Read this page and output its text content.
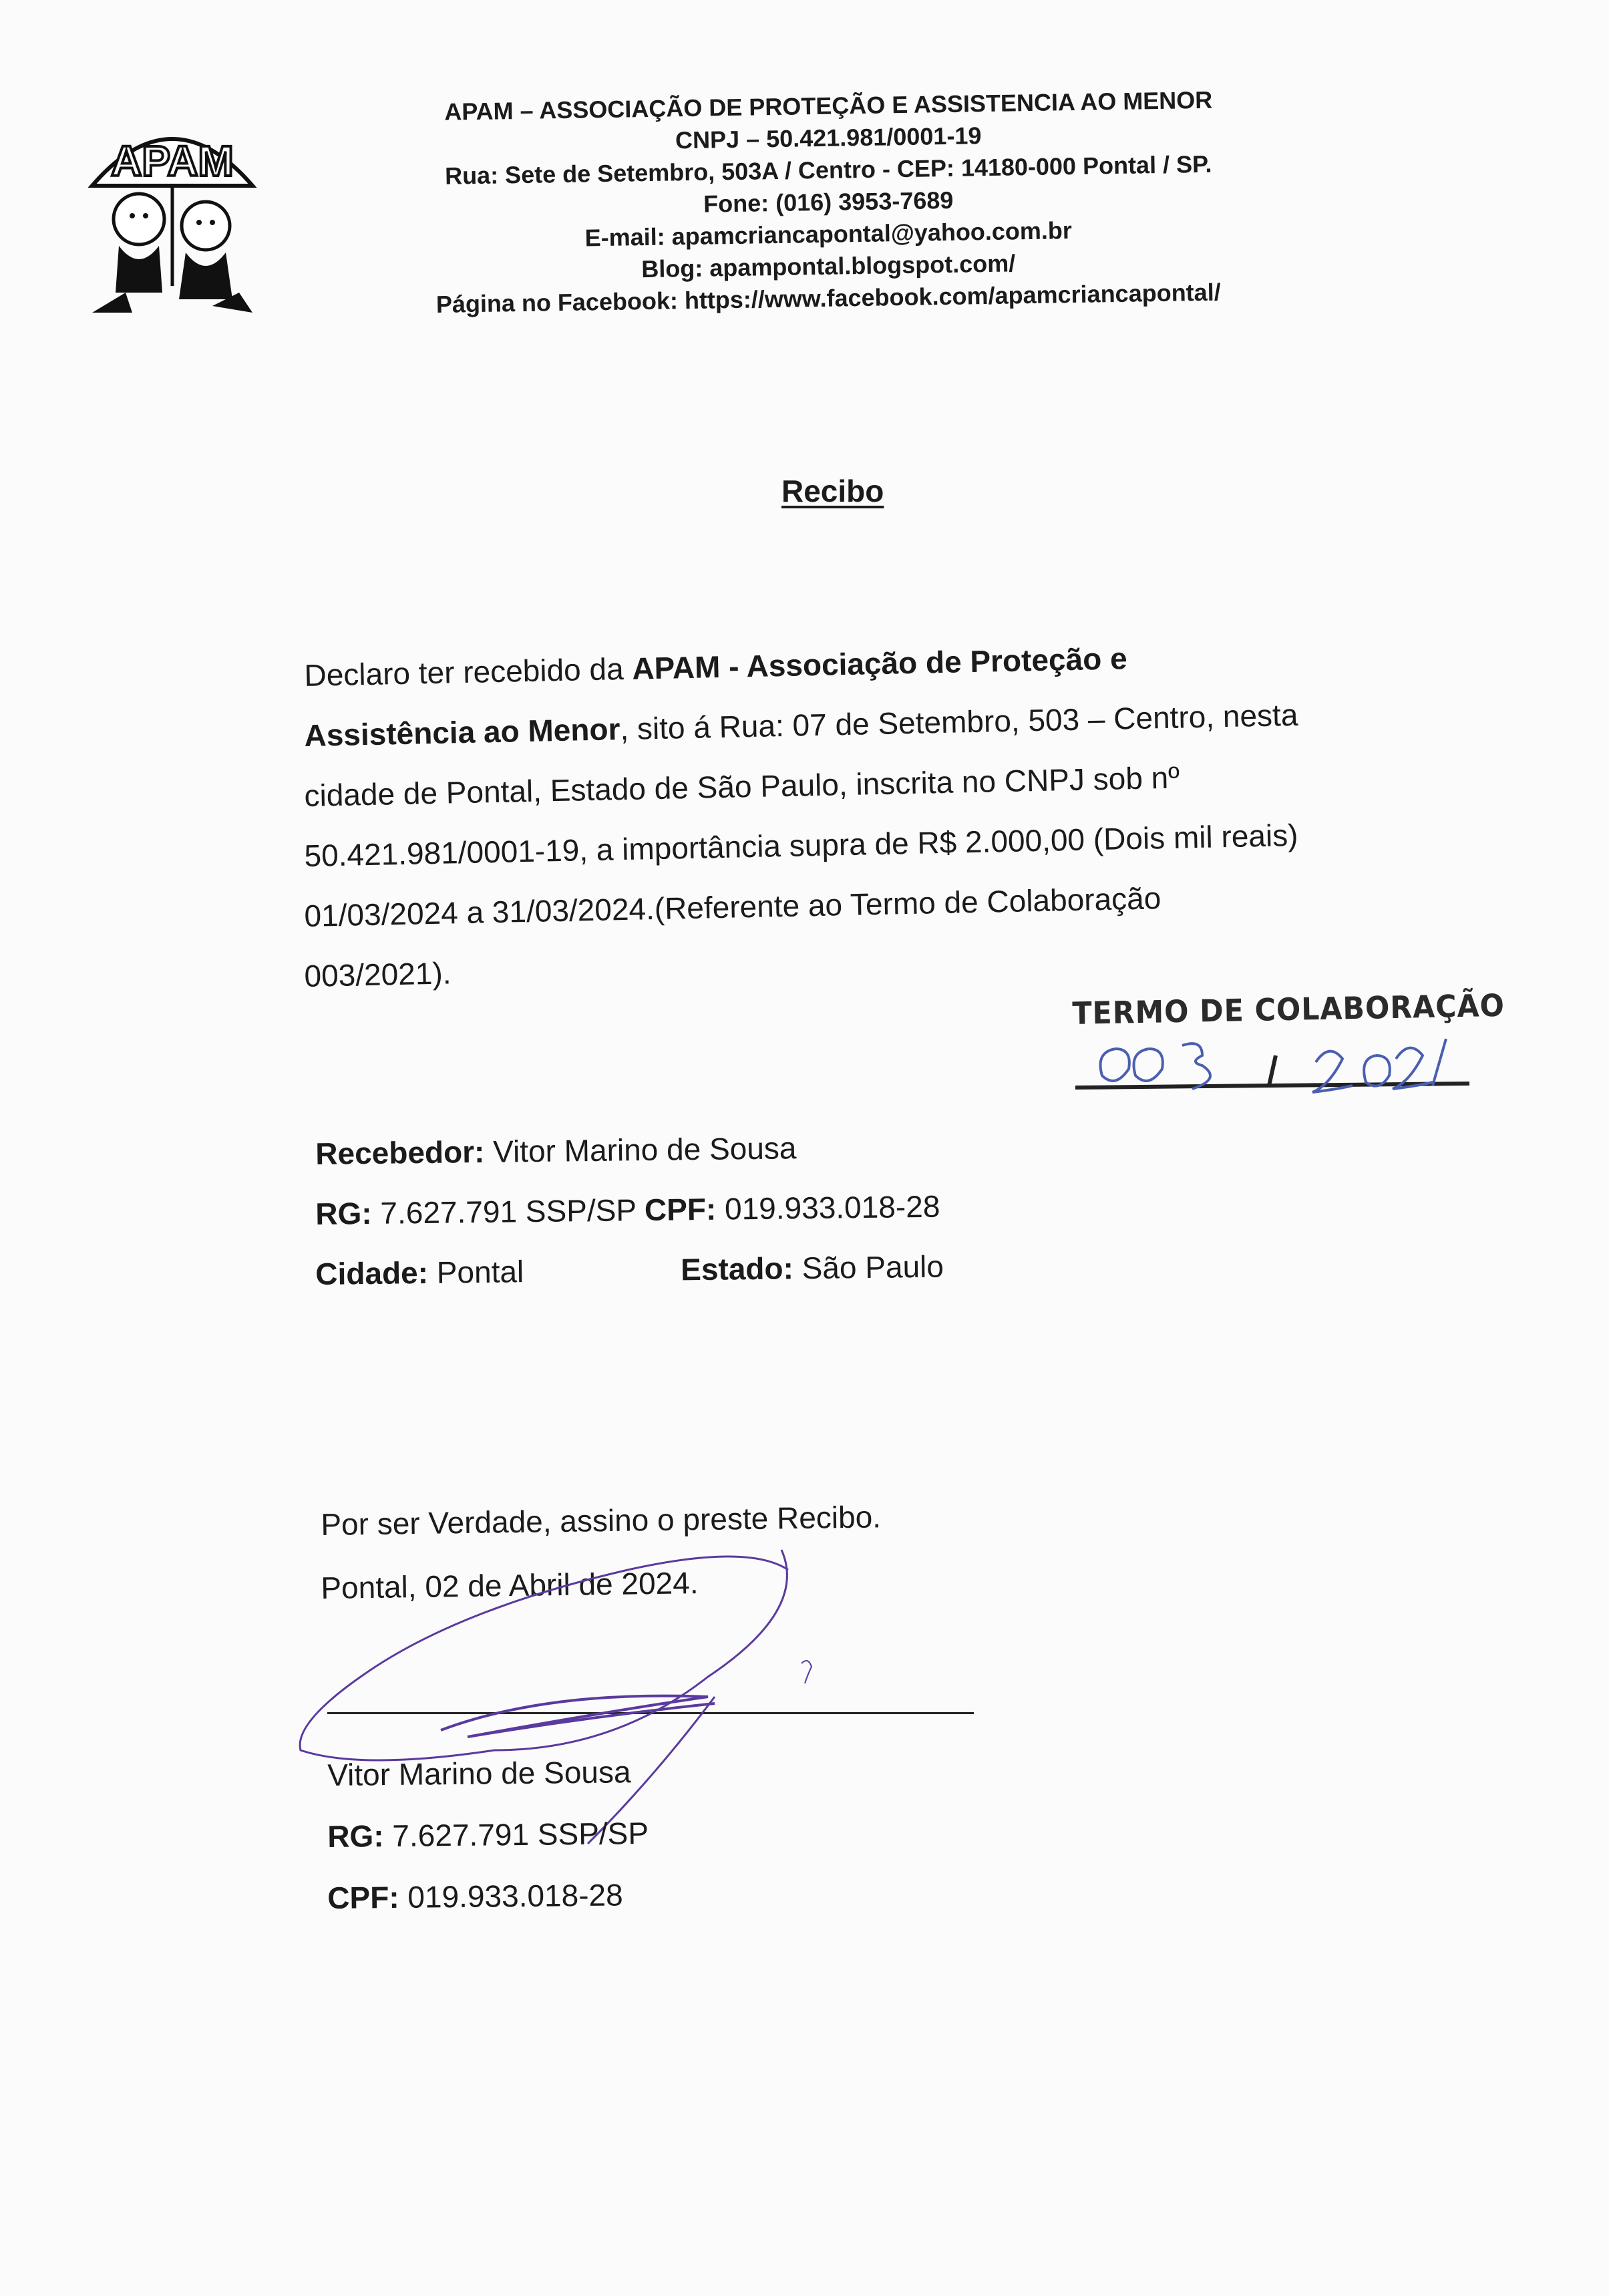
APAM
APAM – ASSOCIAÇÃO DE PROTEÇÃO E ASSISTENCIA AO MENOR
CNPJ – 50.421.981/0001-19
Rua: Sete de Setembro, 503A / Centro - CEP: 14180-000 Pontal / SP.
Fone: (016) 3953-7689
E-mail: apamcriancapontal@yahoo.com.br
Blog: apampontal.blogspot.com/
Página no Facebook: https://www.facebook.com/apamcriancapontal/
Recibo
Declaro ter recebido da APAM - Associação de Proteção e
Assistência ao Menor, sito á Rua: 07 de Setembro, 503 – Centro, nesta
cidade de Pontal, Estado de São Paulo, inscrita no CNPJ sob nº
50.421.981/0001-19, a importância supra de R$ 2.000,00 (Dois mil reais)
01/03/2024 a 31/03/2024.(Referente ao Termo de Colaboração
003/2021).
TERMO DE COLABORAÇÃO
Recebedor: Vitor Marino de Sousa
RG: 7.627.791 SSP/SP CPF: 019.933.018-28
Cidade: Pontal	Estado: São Paulo
Por ser Verdade, assino o preste Recibo.
Pontal, 02 de Abril de 2024.
Vitor Marino de Sousa
RG: 7.627.791 SSP/SP
CPF: 019.933.018-28
